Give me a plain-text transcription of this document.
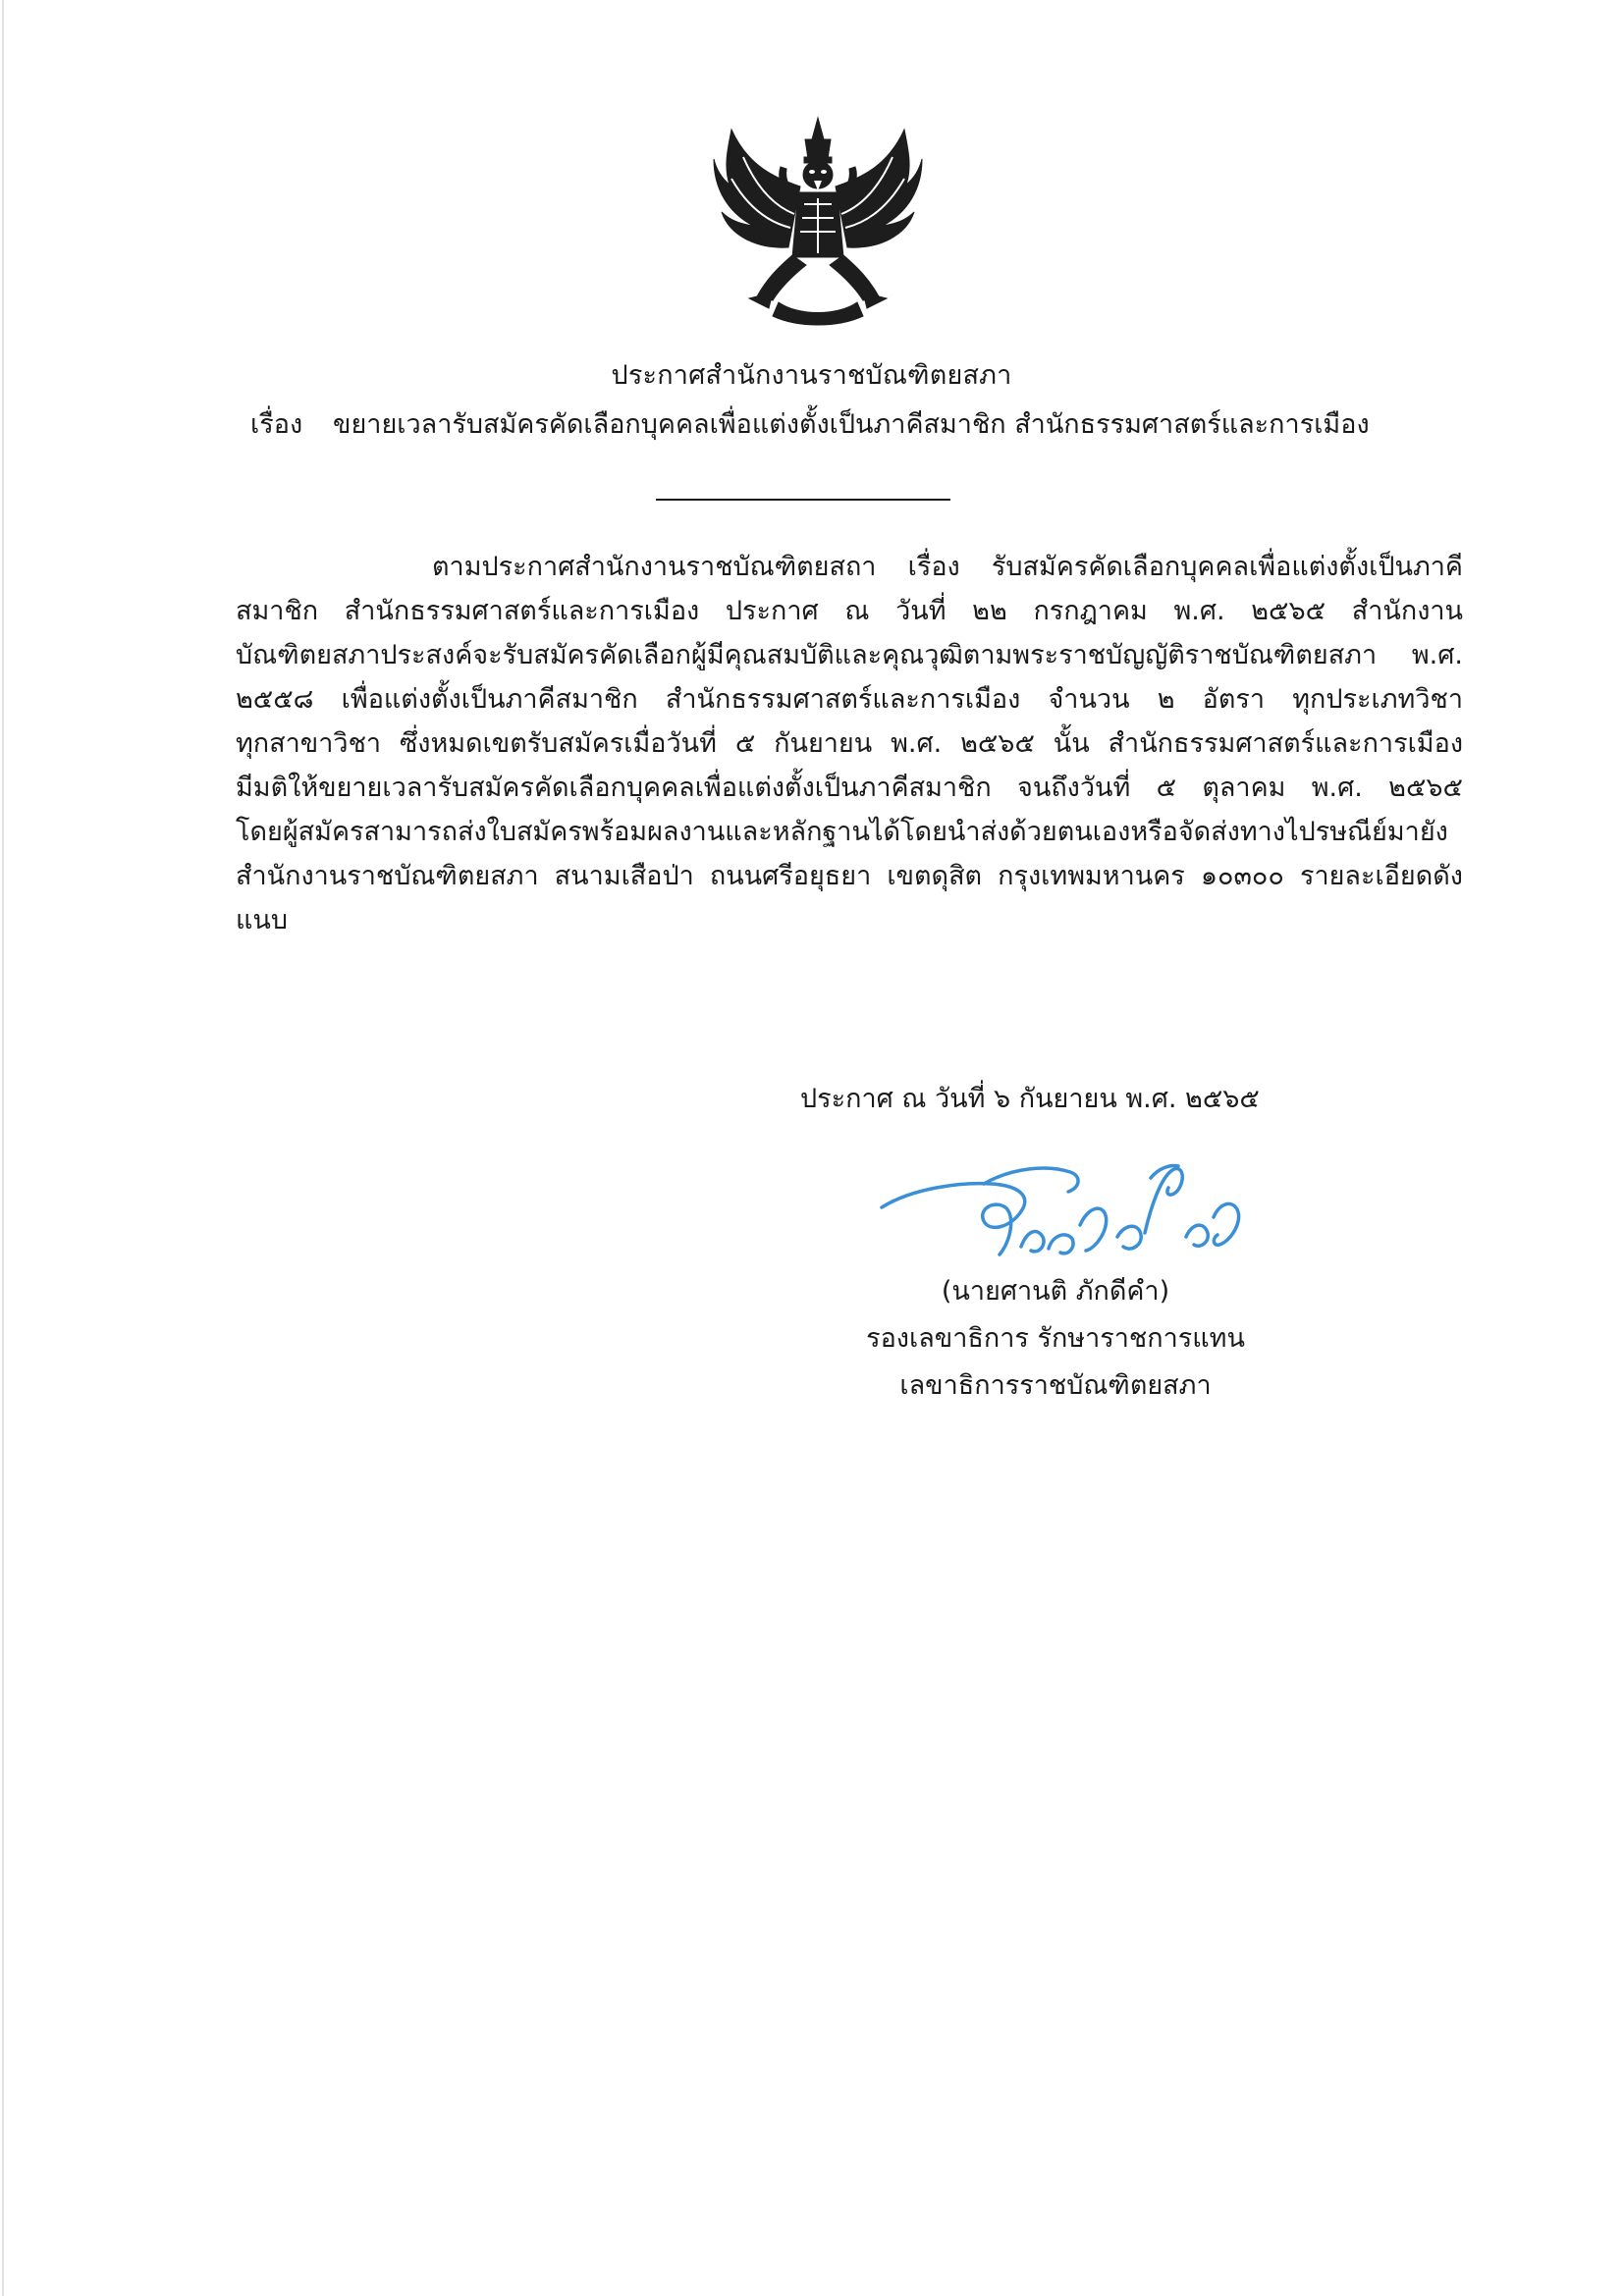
ประกาศสำนักงานราชบัณฑิตยสภา
เรื่อง ขยายเวลารับสมัครคัดเลือกบุคคลเพื่อแต่งตั้งเป็นภาคีสมาชิก สำนักธรรมศาสตร์และการเมือง
ตามประกาศสำนักงานราชบัณฑิตยสถา เรื่อง รับสมัครคัดเลือกบุคคลเพื่อแต่งตั้งเป็นภาคี
สมาชิก สำนักธรรมศาสตร์และการเมือง ประกาศ ณ วันที่ ๒๒ กรกฎาคม พ.ศ. ๒๕๖๕ สำนักงาน
บัณฑิตยสภาประสงค์จะรับสมัครคัดเลือกผู้มีคุณสมบัติและคุณวุฒิตามพระราชบัญญัติราชบัณฑิตยสภา พ.ศ.
๒๕๕๘ เพื่อแต่งตั้งเป็นภาคีสมาชิก สำนักธรรมศาสตร์และการเมือง จำนวน ๒ อัตรา ทุกประเภทวิชา
ทุกสาขาวิชา ซึ่งหมดเขตรับสมัครเมื่อวันที่ ๕ กันยายน พ.ศ. ๒๕๖๕ นั้น สำนักธรรมศาสตร์และการเมือง
มีมติให้ขยายเวลารับสมัครคัดเลือกบุคคลเพื่อแต่งตั้งเป็นภาคีสมาชิก จนถึงวันที่ ๕ ตุลาคม พ.ศ. ๒๕๖๕
โดยผู้สมัครสามารถส่งใบสมัครพร้อมผลงานและหลักฐานได้โดยนำส่งด้วยตนเองหรือจัดส่งทางไปรษณีย์มายัง
สำนักงานราชบัณฑิตยสภา สนามเสือป่า ถนนศรีอยุธยา เขตดุสิต กรุงเทพมหานคร ๑๐๓๐๐ รายละเอียดดัง
แนบ
ประกาศ ณ วันที่ ๖ กันยายน พ.ศ. ๒๕๖๕
(นายศานติ ภักดีคำ)
รองเลขาธิการ รักษาราชการแทน
เลขาธิการราชบัณฑิตยสภา
